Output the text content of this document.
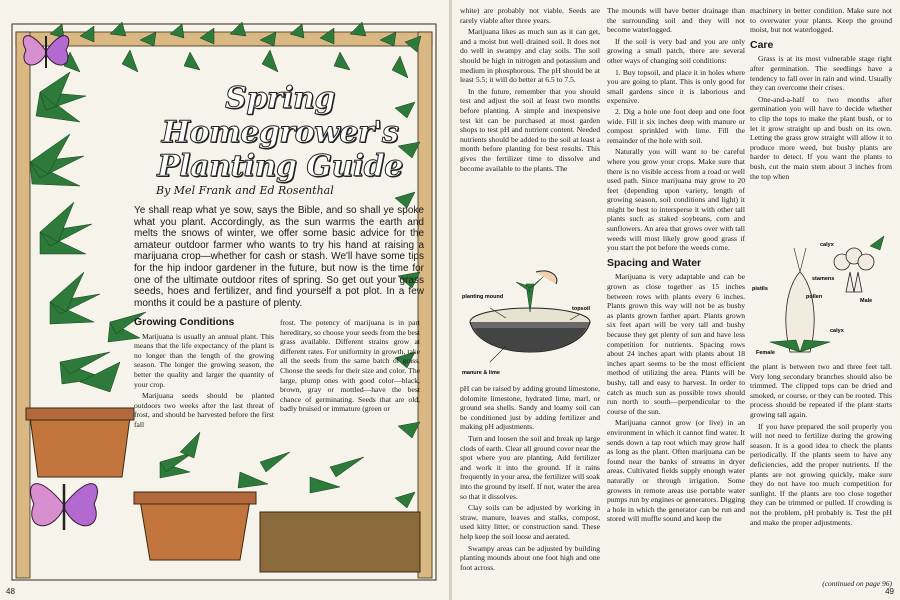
Spring
Homegrower's
Planting Guide
By Mel Frank and Ed Rosenthal
Ye shall reap what ye sow, says the Bible, and so shall ye spoke what you plant. Accordingly, as the sun warms the earth and melts the snows of winter, we offer some basic advice for the amateur outdoor farmer who wants to try his hand at raising a marijuana crop—whether for cash or stash. We'll have some tips for the hip indoor gardener in the future, but now is the time for one of the ultimate outdoor rites of spring. So get out your grass seeds, hoes and fertilizer, and find yourself a pot plot. In a few months it could be a pasture of plenty.
Growing Conditions

Marijuana is usually an annual plant. This means that the life expectancy of the plant is no longer than the length of the growing season. The longer the growing season, the better the quality and larger the quantity of your crop.

Marijuana seeds should be planted outdoors two weeks after the last threat of frost, and should be harvested before the first fall

frost. The potency of marijuana is in part hereditary, so choose your seeds from the best grass available. Different strains grow at different rates. For uniformity in growth, take all the seeds from the same batch of grass. Choose the seeds for their size and color. The large, plump ones with good color—black, brown, gray or mottled—have the best chance of germinating. Seeds that are old, badly bruised or immature (green or

48

white) are probably not viable. Seeds are rarely viable after three years.

Marijuana likes as much sun as it can get, and a moist but well drained soil. It does not do well in swampy and clay soils. The soil should be high in nitrogen and potassium and medium in phosphorous. The pH should be at least 5.5; it will do better at 6.5 to 7.5.

In the future, remember that you should test and adjust the soil at least two months before planting. A simple and inexpensive test kit can be purchased at most garden shops to test pH and nutrient content. Needed nutrients should be added to the soil at least a month before planting for best results. This gives the fertilizer time to dissolve and become available to the plants. The

planting mound
topsoil
manure & lime

pH can be raised by adding ground limestone, dolomite limestone, hydrated lime, marl, or ground sea shells. Sandy and loamy soil can be conditioned just by adding fertilizer and making pH adjustments.

Turn and loosen the soil and break up large clods of earth. Clear all ground cover near the spot where you are planting. Add fertilizer and work it into the ground. If it rains frequently in your area, the fertilizer will soak into the ground by itself. If not, water the area so that it dissolves.

Clay soils can be adjusted by working in straw, manure, leaves and stalks, compost, used kitty litter, or construction sand. These help keep the soil loose and aerated.

Swampy areas can be adjusted by building planting mounds about one foot high and one foot across.

The mounds will have better drainage than the surrounding soil and they will not become waterlogged.

If the soil is very bad and you are only growing a small patch, there are several other ways of changing soil conditions:

1. Buy topsoil, and place it in holes where you are going to plant. This is only good for small gardens since it is laborious and expensive.
2. Dig a hole one foot deep and one foot wide. Fill it six inches deep with manure or compost sprinkled with lime. Fill the remainder of the hole with soil.

Naturally you will want to be careful where you grow your crops. Make sure that there is no visible access from a road or well used path. Since marijuana may grow to 20 feet (depending upon variety, length of growing season, soil conditions and light) it might be best to intersperse it with other tall plants such as staked soybeans, corn and sunflowers. An area that grows over with tall weeds will most likely grow good grass if you start the pot before the weeds come.

Spacing and Water

Marijuana is very adaptable and can be grown as close together as 15 inches between rows with plants every 6 inches. Plants grown this way will not be as bushy as plants grown farther apart. Plants grown six feet apart will be very tall and bushy because they get plenty of sun and have less competition for nutrients. Spacing rows about 24 inches apart with plants about 18 inches apart seems to be the most efficient method of utilizing the area. Plants will be bushy, tall and easy to harvest. In order to catch as much sun as possible rows should run north to south—perpendicular to the course of the sun.

Marijuana cannot grow (or live) in an environment in which it cannot find water. It sends down a tap root which may grow half as long as the plant. Often marijuana can be found near the banks of streams in dryer areas. Cultivated fields supply enough water naturally or through irrigation. Some growers in remote areas use portable water pumps run by engines or generators. Digging a hole in which the generator can be run and stored will muffle sound and keep the

machinery in better condition. Make sure not to overwater your plants. Keep the ground moist, but not waterlogged.

Care

Grass is at its most vulnerable stage right after germination. The seedlings have a tendency to fall over in rain and wind. Usually they can overcome their crises.

One-and-a-half to two months after germination you will have to decide whether to clip the tops to make the plant bush, or to let it grow straight up and bush on its own. Letting the grass grow straight will allow it to produce more weed, but bushy plants are harder to detect. If you want the plants to bush, cut the main stem about 3 inches from the top when

calyx
stamens
pistils
pollen
Male
calyx
Female

the plant is between two and three feet tall. Very long secondary branches should also be trimmed. The clipped tops can be dried and smoked, or course, or they can be rooted. This process should be repeated if the plant starts growing tall again.

If you have prepared the soil properly you will not need to fertilize during the growing season. It is a good idea to check the plants periodically. If the plants seem to have any deficiencies, add the proper nutrients. If the plants are not growing quickly, make sure they do not have too much competition for sunlight. If the plants are too close together they can be trimmed or pulled. If crowding is not the problem, pH probably is. Test the pH and make the proper adjustments.

(continued on page 96)
49
